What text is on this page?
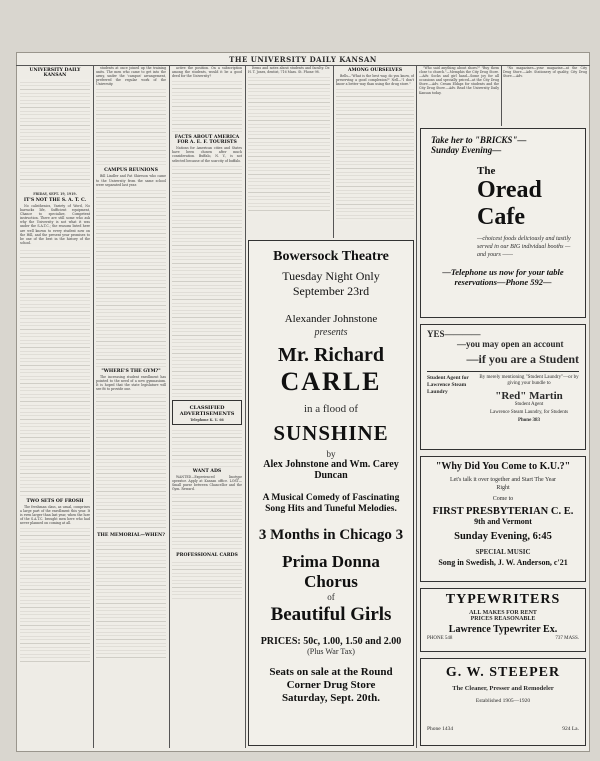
THE UNIVERSITY DAILY KANSAN
UNIVERSITY DAILY KANSAN
FRIDAY, SEPT. 19, 1919.
IT'S NOT THE S. A. T. C.

No calisthenics, Variety of Word, No barracks life, Sufficient equipment, Chance to specialize, Competent instruction. There are still some who ask why the University is not what it was under the S.A.T.C.; the reasons listed here are well known to every student now on the Hill, and the present year promises to be one of the best in the history of the school.

TWO SETS OF FROSH

The freshman class, as usual, comprises a large part of the enrollment this year. It is even larger than last year, when the lure of the S.A.T.C. brought men here who had never planned on coming at all.

students at once joined up the training units. The men who came to get into the army, under the 'campus' arrangement, preferred the regular work of the University.

CAMPUS REUNIONS

Bill Lindler and Pat Shireson who came to the University from the same school were separated last year.

"WHERE'S THE GYM?"

The increasing student enrollment has pointed to the need of a new gymnasium. It is hoped that the state legislature will see fit to provide one.

THE MEMORIAL—WHEN?

active the position. On a subscription among the students, would it be a good deed for the University?

FACTS ABOUT AMERICA FOR A. E. F. TOURISTS

Nations for American cities and States have been chosen after much consideration. Buffalo, N. Y., is not selected because of the scarcity of buffalo.

CLASSIFIED ADVERTISEMENTS
Telephone K. U. 66
WANT ADS

WANTED—Experienced linotype operator. Apply at Kansan office. LOST—Small purse between Chancellor and the Gym. Reward.

PROFESSIONAL CARDS

Items and notes about students and faculty. Dr. H. T. Jones, dentist, 716 Mass. St. Phone 98.	AMONG OURSELVES

Bells—"What is the best way, do you know, of preserving a good complexion?" Nell—"I don't know a better way than using the drug store."

Bowersock Theatre
Tuesday Night Only
September 23rd
Alexander Johnstone
presents
Mr. Richard
CARLE
in a flood of
SUNSHINE
by
Alex Johnstone and Wm. Carey Duncan
A Musical Comedy of Fascinating Song Hits and Tuneful Melodies.
3 Months in Chicago 3
Prima Donna
Chorus
of
Beautiful Girls
PRICES: 50c, 1.00, 1.50 and 2.00
(Plus War Tax)
Seats on sale at the Round Corner Drug Store Saturday, Sept. 20th.

"Who said anything about shoes?" "Buy them close to church."—Memphis the City Drug Store.—Adv. Socks and girl hand—Some joy for all occasions and specially priced—at the City Drug Store.—Adv. Cream Eldaps for students and the City Drug Store.—Adv. Read the University Daily Kansan today.

"No magazines—your magazine—at the City Drug Store.—Adv. Stationery of quality, City Drug Store.—Adv.

Take her to "BRICKS"—
Sunday Evening—
The
Oread
Cafe
—choicest foods deliciously and tastily served in our BIG individual booths — and yours ——
—Telephone us now for your table reservations—Phone 592—
YES————
—you may open an account
—if you are a Student
Student Agent for Lawrence Steam Laundry
By merely mentioning "Student Laundry"—or by giving your bundle to
"Red" Martin
Student Agent
Lawrence Steam Laundry, for Students
Phone 383
"Why Did You Come to K.U.?"
Let's talk it over together and Start The Year Right
Come to
FIRST PRESBYTERIAN C. E.
9th and Vermont
Sunday Evening, 6:45
SPECIAL MUSIC
Song in Swedish, J. W. Anderson, c'21
TYPEWRITERS
ALL MAKES FOR RENT
PRICES REASONABLE
Lawrence Typewriter Ex.
PHONE 548	737 MASS.
G. W. STEEPER
The Cleaner, Presser and Remodeler
Established 1905—1920
Phone 1434	924 La.
